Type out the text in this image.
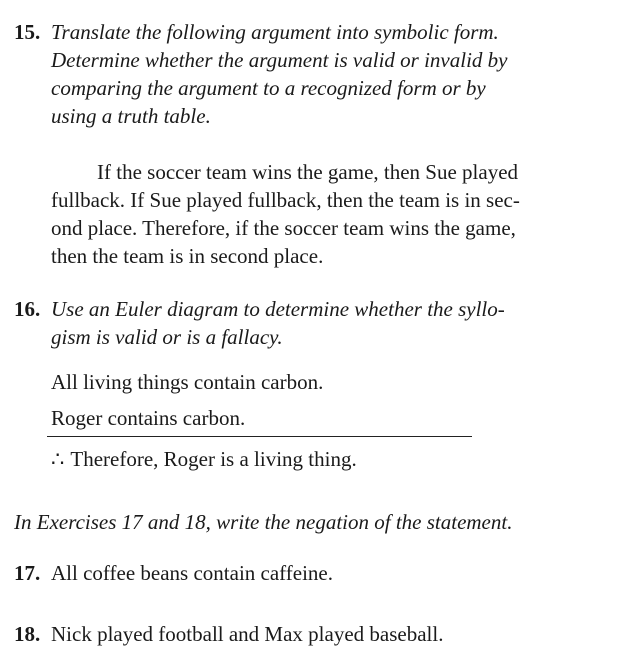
15. Translate the following argument into symbolic form.
Determine whether the argument is valid or invalid by
comparing the argument to a recognized form or by
using a truth table.
If the soccer team wins the game, then Sue played
fullback. If Sue played fullback, then the team is in sec-
ond place. Therefore, if the soccer team wins the game,
then the team is in second place.
16. Use an Euler diagram to determine whether the syllo-
gism is valid or is a fallacy.
All living things contain carbon.
Roger contains carbon.
∴ Therefore, Roger is a living thing.
In Exercises 17 and 18, write the negation of the statement.
17. All coffee beans contain caffeine.
18. Nick played football and Max played baseball.
